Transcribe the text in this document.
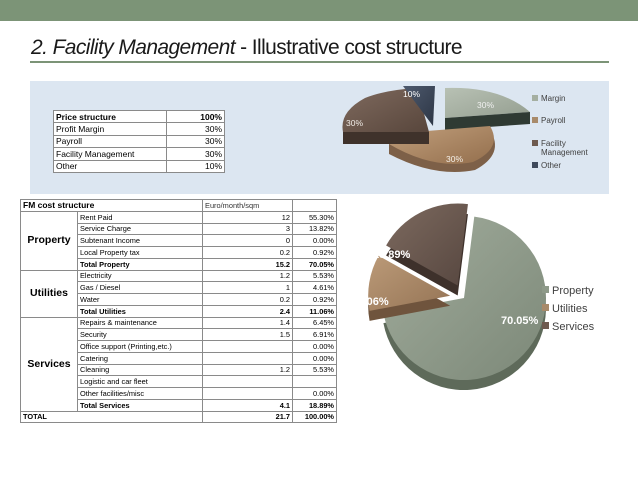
2. Facility Management - Illustrative cost structure
Price structure	100%
Profit Margin	30%
Payroll	30%
Facility Management	30%
Other	10%
30%
30%
30%
10%	Margin
Payroll
Facility
Management
Other
FM cost structure		Euro/month/sqm	
Property	Rent Paid	12	55.30%
	Service Charge	3	13.82%
	Subtenant Income	0	0.00%
	Local Property tax	0.2	0.92%
	Total Property	15.2	70.05%
Utilities	Electricity	1.2	5.53%
	Gas / Diesel	1	4.61%
	Water	0.2	0.92%
	Total Utilities	2.4	11.06%
Services	Repairs & maintenance	1.4	6.45%
	Security	1.5	6.91%
	Office support (Printing,etc.)		0.00%
	Catering		0.00%
	Cleaning	1.2	5.53%
	Logistic and car fleet		
	Other facilities/misc		0.00%
	Total Services	4.1	18.89%
TOTAL		21.7	100.00%
70.05%
11.06%
18.89%
Property
Utilities
Services
